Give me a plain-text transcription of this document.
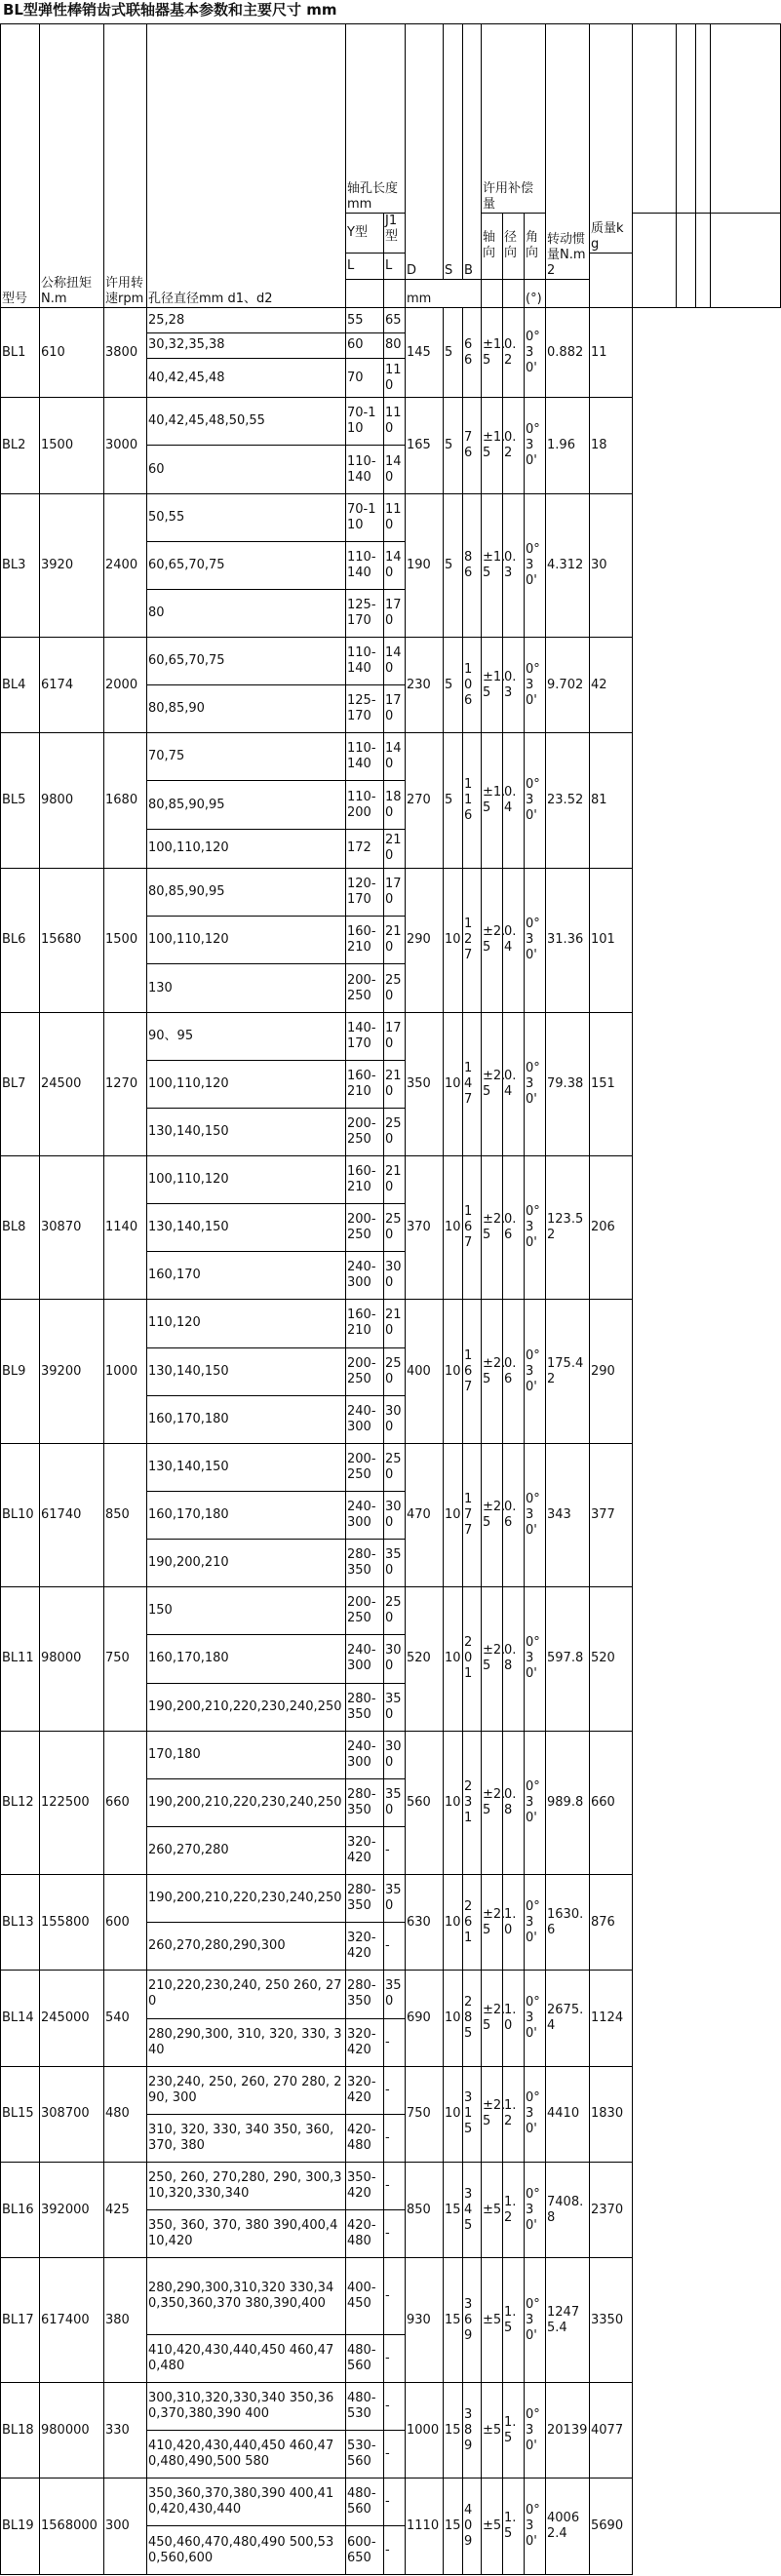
BL型弹性棒销齿式联轴器基本参数和主要尺寸 mm
型号	公称扭矩N.m	许用转速rpm	孔径直径mm d1、d2	轴孔长度mm		D	S	B	许用补偿量			转动惯量N.m2	质量kg				
				Y型	J1型				轴向	径向	角向						
				L	L												
						mm					(°)						
BL1	610	3800	25,28	55	65	145	5	66	±1.5	0.2	0°30'	0.882	11				
			30,32,35,38	60	80												
			40,42,45,48	70	110												
BL2	1500	3000	40,42,45,48,50,55	70-110	110	165	5	76	±1.5	0.2	0°30'	1.96	18				
			60	110-140	140												
BL3	3920	2400	50,55	70-110	110	190	5	86	±1.5	0.3	0°30'	4.312	30				
			60,65,70,75	110-140	140												
			80	125-170	170												
BL4	6174	2000	60,65,70,75	110-140	140	230	5	106	±1.5	0.3	0°30'	9.702	42				
			80,85,90	125-170	170												
BL5	9800	1680	70,75	110-140	140	270	5	116	±1.5	0.4	0°30'	23.52	81				
			80,85,90,95	110-200	180												
			100,110,120	172	210												
BL6	15680	1500	80,85,90,95	120-170	170	290	10	127	±2.5	0.4	0°30'	31.36	101				
			100,110,120	160-210	210												
			130	200-250	250												
BL7	24500	1270	90、95	140-170	170	350	10	147	±2.5	0.4	0°30'	79.38	151				
			100,110,120	160-210	210												
			130,140,150	200-250	250												
BL8	30870	1140	100,110,120	160-210	210	370	10	167	±2.5	0.6	0°30'	123.52	206				
			130,140,150	200-250	250												
			160,170	240-300	300												
BL9	39200	1000	110,120	160-210	210	400	10	167	±2.5	0.6	0°30'	175.42	290				
			130,140,150	200-250	250												
			160,170,180	240-300	300												
BL10	61740	850	130,140,150	200-250	250	470	10	177	±2.5	0.6	0°30'	343	377				
			160,170,180	240-300	300												
			190,200,210	280-350	350												
BL11	98000	750	150	200-250	250	520	10	201	±2.5	0.8	0°30'	597.8	520				
			160,170,180	240-300	300												
			190,200,210,220,230,240,250	280-350	350												
BL12	122500	660	170,180	240-300	300	560	10	231	±2.5	0.8	0°30'	989.8	660				
			190,200,210,220,230,240,250	280-350	350												
			260,270,280	320-420	-												
BL13	155800	600	190,200,210,220,230,240,250	280-350	350	630	10	261	±2.5	1.0	0°30'	1630.6	876				
			260,270,280,290,300	320-420	-												
BL14	245000	540	210,220,230,240, 250 260, 270	280-350	350	690	10	285	±2.5	1.0	0°30'	2675.4	1124				
			280,290,300, 310, 320, 330, 340	320-420	-												
BL15	308700	480	230,240, 250, 260, 270 280, 290, 300	320-420	-	750	10	315	±2.5	1.2	0°30'	4410	1830				
			310, 320, 330, 340 350, 360, 370, 380	420-480	-												
BL16	392000	425	250, 260, 270,280, 290, 300,310,320,330,340	350-420	-	850	15	345	±5	1.2	0°30'	7408.8	2370				
			350, 360, 370, 380 390,400,410,420	420-480	-												
BL17	617400	380	280,290,300,310,320 330,340,350,360,370 380,390,400	400-450	-	930	15	369	±5	1.5	0°30'	12475.4	3350				
			410,420,430,440,450 460,470,480	480-560	-												
BL18	980000	330	300,310,320,330,340 350,360,370,380,390 400	480-530	-	1000	15	389	±5	1.5	0°30'	20139	4077				
			410,420,430,440,450 460,470,480,490,500 580	530-560	-												
BL19	1568000	300	350,360,370,380,390 400,410,420,430,440	480-560	-	1110	15	409	±5	1.5	0°30'	40062.4	5690				
			450,460,470,480,490 500,530,560,600	600-650	-												
